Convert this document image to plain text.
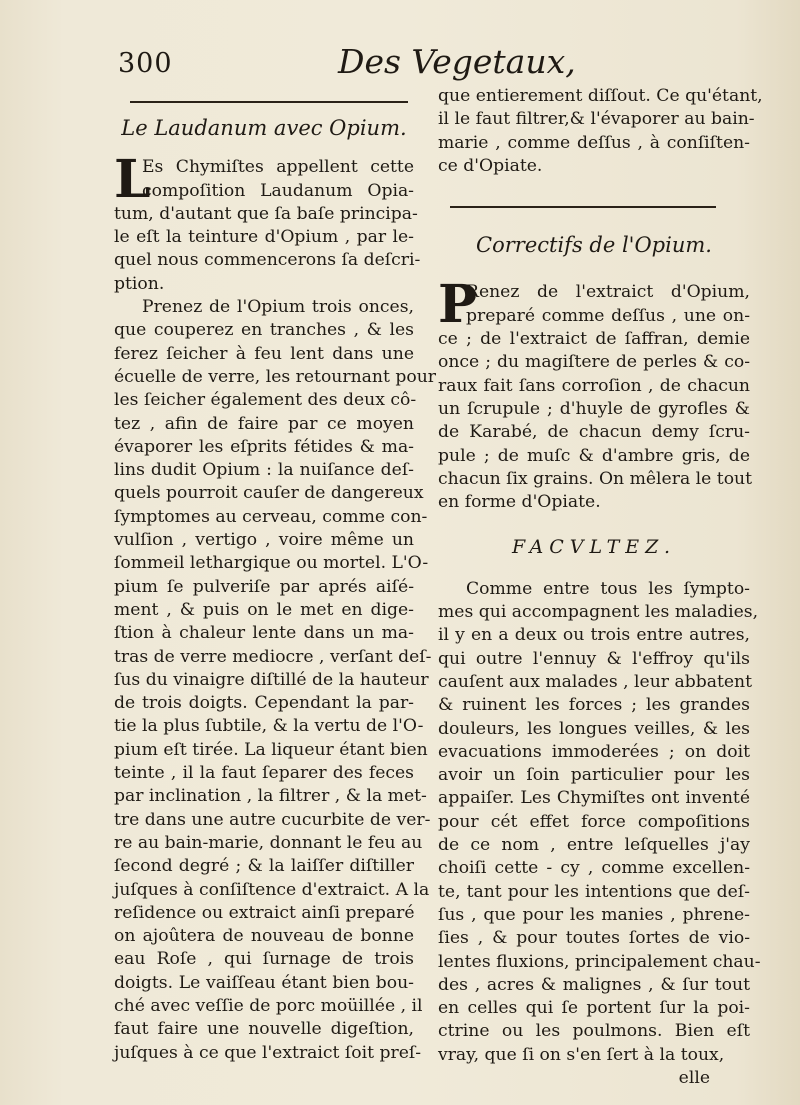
300	Des Vegetaux,
Le Laudanum avec Opium.
L
Es Chymiſtes appellent cette
compoſition Laudanum Opia-
tum, d'autant que ſa baſe principa-
le eſt la teinture d'Opium , par le-
quel nous commencerons ſa deſcri-
ption.
Prenez de l'Opium trois onces,
que couperez en tranches , & les
ferez ſeicher à feu lent dans une
écuelle de verre, les retournant pour
les ſeicher également des deux cô-
tez , afin de faire par ce moyen
évaporer les eſprits fétides & ma-
lins dudit Opium : la nuiſance deſ-
quels pourroit cauſer de dangereux
ſymptomes au cerveau, comme con-
vulſion , vertigo , voire même un
ſommeil lethargique ou mortel. L'O-
pium ſe pulveriſe par aprés aiſé-
ment , & puis on le met en dige-
ſtion à chaleur lente dans un ma-
tras de verre mediocre , verſant deſ-
ſus du vinaigre diſtillé de la hauteur
de trois doigts. Cependant la par-
tie la plus ſubtile, & la vertu de l'O-
pium eſt tirée. La liqueur étant bien
teinte , il la faut ſeparer des feces
par inclination , la filtrer , & la met-
tre dans une autre cucurbite de ver-
re au bain-marie, donnant le feu au
ſecond degré ; & la laiſſer diſtiller
juſques à conſiſtence d'extraict. A la
reſidence ou extraict ainſi preparé
on ajoûtera de nouveau de bonne
eau Roſe , qui ſurnage de trois
doigts. Le vaiſſeau étant bien bou-
ché avec veſſie de porc moüillée , il
faut faire une nouvelle digeſtion,
juſques à ce que l'extraict ſoit preſ-
que entierement diſſout. Ce qu'étant,
il le faut filtrer,& l'évaporer au bain-
marie , comme deſſus , à conſiſten-
ce d'Opiate.
Correctifs de l'Opium.
P
Renez de l'extraict d'Opium,
preparé comme deſſus , une on-
ce ; de l'extraict de ſaffran, demie
once ; du magiſtere de perles & co-
raux fait ſans corroſion , de chacun
un ſcrupule ; d'huyle de gyrofles &
de Karabé, de chacun demy ſcru-
pule ; de muſc & d'ambre gris, de
chacun ſix grains. On mêlera le tout
en forme d'Opiate.
FACVLTEZ.
Comme entre tous les ſympto-
mes qui accompagnent les maladies,
il y en a deux ou trois entre autres,
qui outre l'ennuy & l'effroy qu'ils
cauſent aux malades , leur abbatent
& ruinent les forces ; les grandes
douleurs, les longues veilles, & les
evacuations immoderées ; on doit
avoir un ſoin particulier pour les
appaiſer. Les Chymiſtes ont inventé
pour cét effet force compoſitions
de ce nom , entre leſquelles j'ay
choiſi cette - cy , comme excellen-
te, tant pour les intentions que deſ-
ſus , que pour les manies , phrene-
ſies , & pour toutes ſortes de vio-
lentes fluxions, principalement chau-
des , acres & malignes , & ſur tout
en celles qui ſe portent ſur la poi-
ctrine ou les poulmons. Bien eſt
vray, que ſi on s'en ſert à la toux,
elle
